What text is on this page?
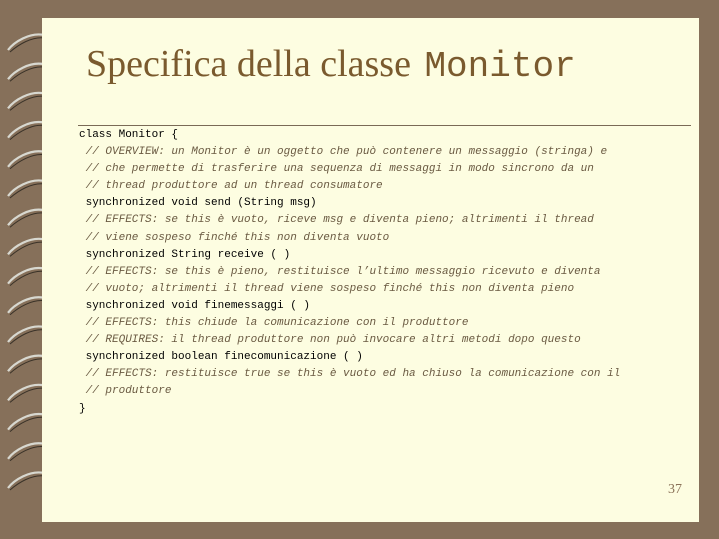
Specifica della classe Monitor
class Monitor {
// OVERVIEW: un Monitor è un oggetto che può contenere un messaggio (stringa) e
// che permette di trasferire una sequenza di messaggi in modo sincrono da un
// thread produttore ad un thread consumatore
synchronized void send (String msg)
// EFFECTS: se this è vuoto, riceve msg e diventa pieno; altrimenti il thread
// viene sospeso finché this non diventa vuoto
synchronized String receive ( )
// EFFECTS: se this è pieno, restituisce l’ultimo messaggio ricevuto e diventa
// vuoto; altrimenti il thread viene sospeso finché this non diventa pieno
synchronized void finemessaggi ( )
// EFFECTS: this chiude la comunicazione con il produttore
// REQUIRES: il thread produttore non può invocare altri metodi dopo questo
synchronized boolean finecomunicazione ( )
// EFFECTS: restituisce true se this è vuoto ed ha chiuso la comunicazione con il
// produttore
}
37
